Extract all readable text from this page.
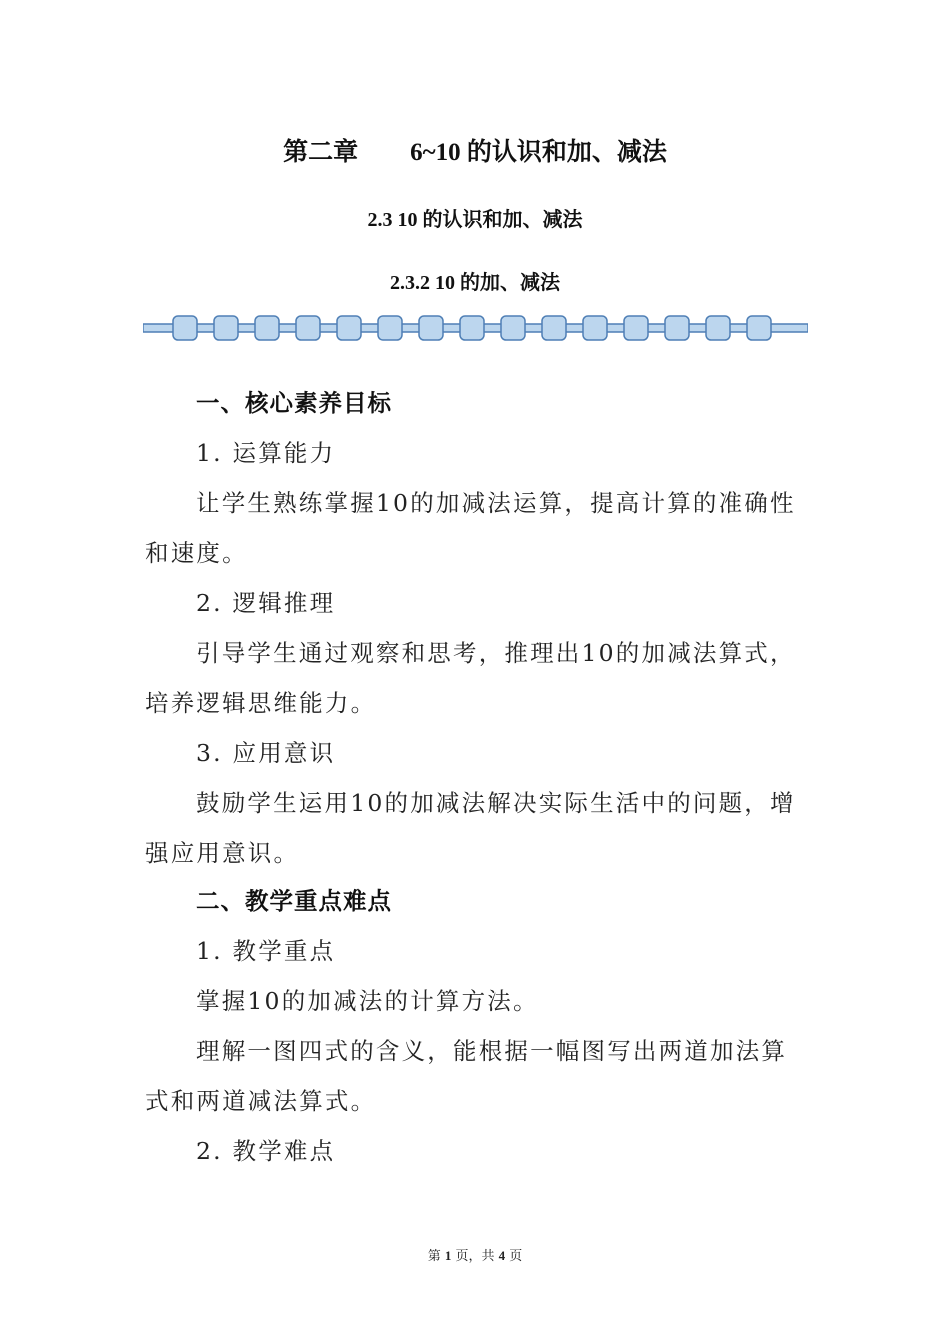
第二章 6~10 的认识和加、减法
2.3 10 的认识和加、减法
2.3.2 10 的加、减法
一、核心素养目标
1. 运算能力
让学生熟练掌握10的加减法运算，提高计算的准确性
和速度。
2. 逻辑推理
引导学生通过观察和思考，推理出10的加减法算式，
培养逻辑思维能力。
3. 应用意识
鼓励学生运用10的加减法解决实际生活中的问题，增
强应用意识。
二、教学重点难点
1. 教学重点
掌握10的加减法的计算方法。
理解一图四式的含义，能根据一幅图写出两道加法算
式和两道减法算式。
2. 教学难点
第 1 页，共 4 页
